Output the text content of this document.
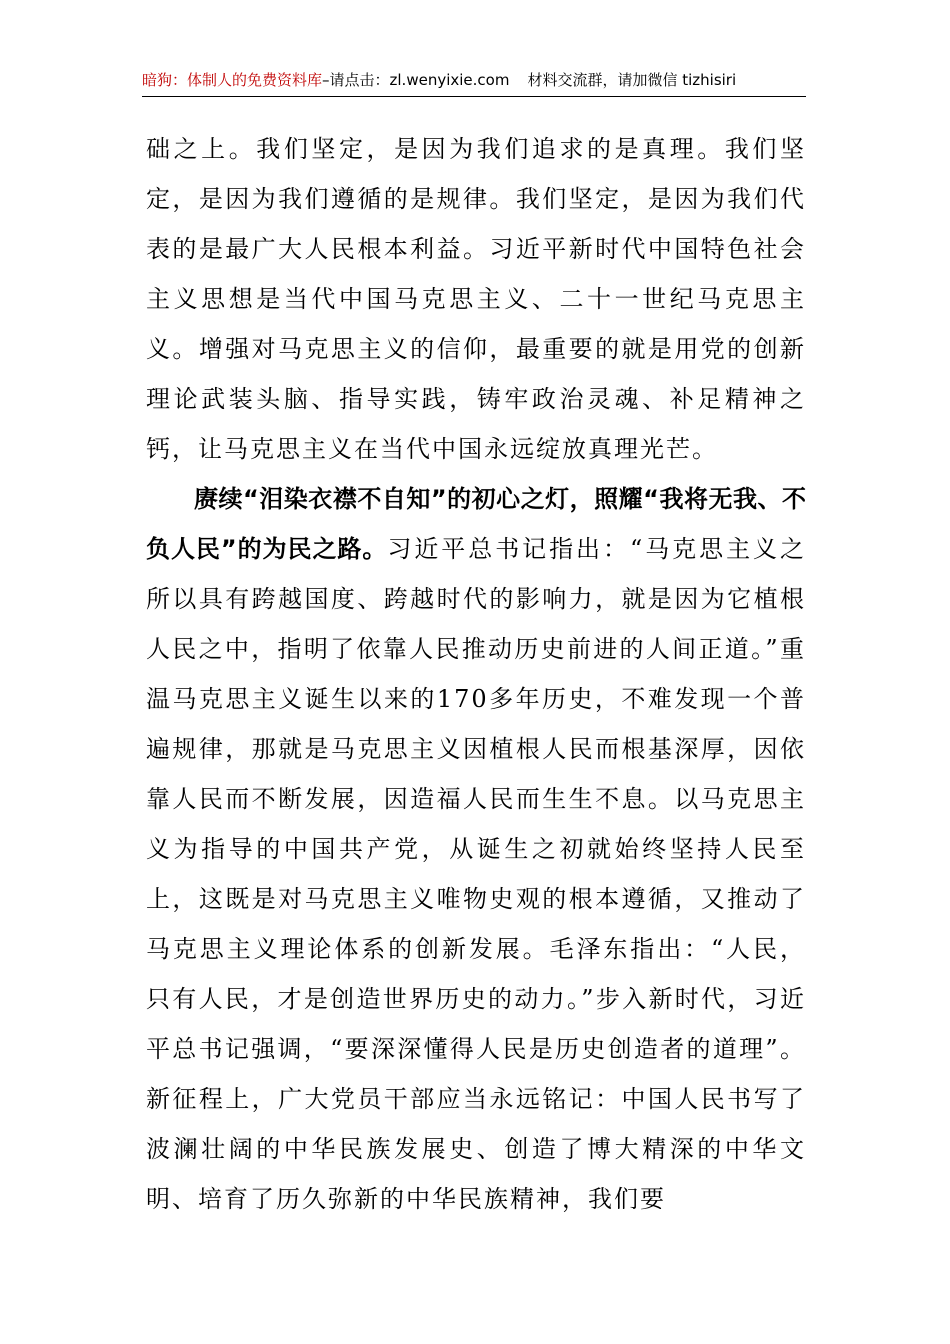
暗狗：体制人的免费资料库–请点击：zl.wenyixie.com 材料交流群，请加微信 tizhisiri

础之上。我们坚定，是因为我们追求的是真理。我们坚定，是因为我们遵循的是规律。我们坚定，是因为我们代表的是最广大人民根本利益。习近平新时代中国特色社会主义思想是当代中国马克思主义、二十一世纪马克思主义。增强对马克思主义的信仰，最重要的就是用党的创新理论武装头脑、指导实践，铸牢政治灵魂、补足精神之钙，让马克思主义在当代中国永远绽放真理光芒。

赓续“泪染衣襟不自知”的初心之灯，照耀“我将无我、不负人民”的为民之路。习近平总书记指出：“马克思主义之所以具有跨越国度、跨越时代的影响力，就是因为它植根人民之中，指明了依靠人民推动历史前进的人间正道。”重温马克思主义诞生以来的170多年历史，不难发现一个普遍规律，那就是马克思主义因植根人民而根基深厚，因依靠人民而不断发展，因造福人民而生生不息。以马克思主义为指导的中国共产党，从诞生之初就始终坚持人民至上，这既是对马克思主义唯物史观的根本遵循，又推动了马克思主义理论体系的创新发展。毛泽东指出：“人民，只有人民，才是创造世界历史的动力。”步入新时代，习近平总书记强调，“要深深懂得人民是历史创造者的道理”。新征程上，广大党员干部应当永远铭记：中国人民书写了波澜壮阔的中华民族发展史、创造了博大精深的中华文明、培育了历久弥新的中华民族精神，我们要
